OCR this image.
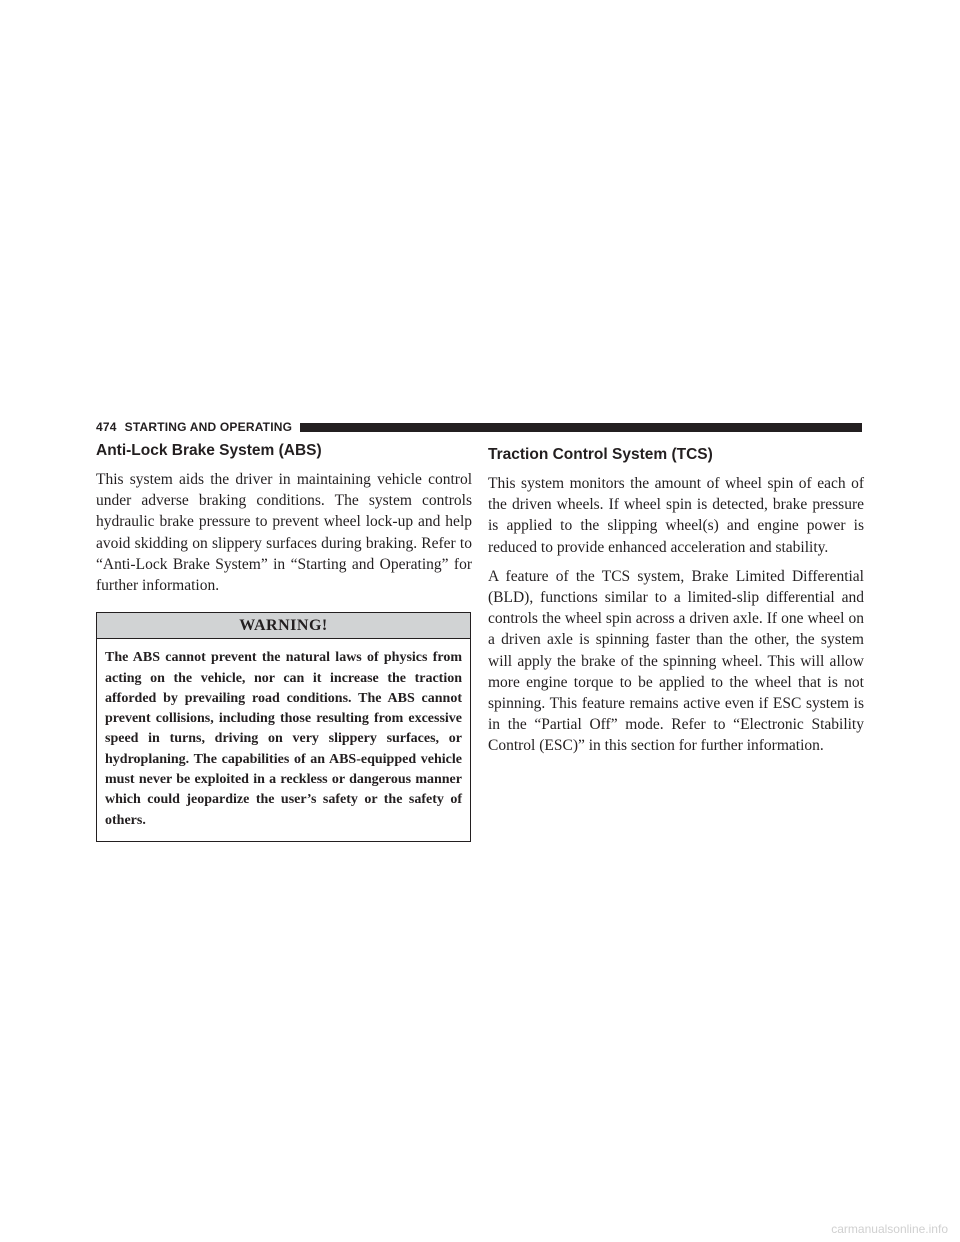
474 STARTING AND OPERATING
Anti-Lock Brake System (ABS)

This system aids the driver in maintaining vehicle control under adverse braking conditions. The system controls hydraulic brake pressure to prevent wheel lock-up and help avoid skidding on slippery surfaces during braking. Refer to “Anti-Lock Brake System” in “Starting and Operating” for further information.

WARNING!

The ABS cannot prevent the natural laws of physics from acting on the vehicle, nor can it increase the traction afforded by prevailing road conditions. The ABS cannot prevent collisions, including those resulting from excessive speed in turns, driving on very slippery surfaces, or hydroplaning. The capabilities of an ABS-equipped vehicle must never be exploited in a reckless or dangerous manner which could jeopardize the user’s safety or the safety of others.

Traction Control System (TCS)

This system monitors the amount of wheel spin of each of the driven wheels. If wheel spin is detected, brake pressure is applied to the slipping wheel(s) and engine power is reduced to provide enhanced acceleration and stability.

A feature of the TCS system, Brake Limited Differential (BLD), functions similar to a limited-slip differential and controls the wheel spin across a driven axle. If one wheel on a driven axle is spinning faster than the other, the system will apply the brake of the spinning wheel. This will allow more engine torque to be applied to the wheel that is not spinning. This feature remains active even if ESC system is in the “Partial Off” mode. Refer to “Electronic Stability Control (ESC)” in this section for further information.

carmanualsonline.info
